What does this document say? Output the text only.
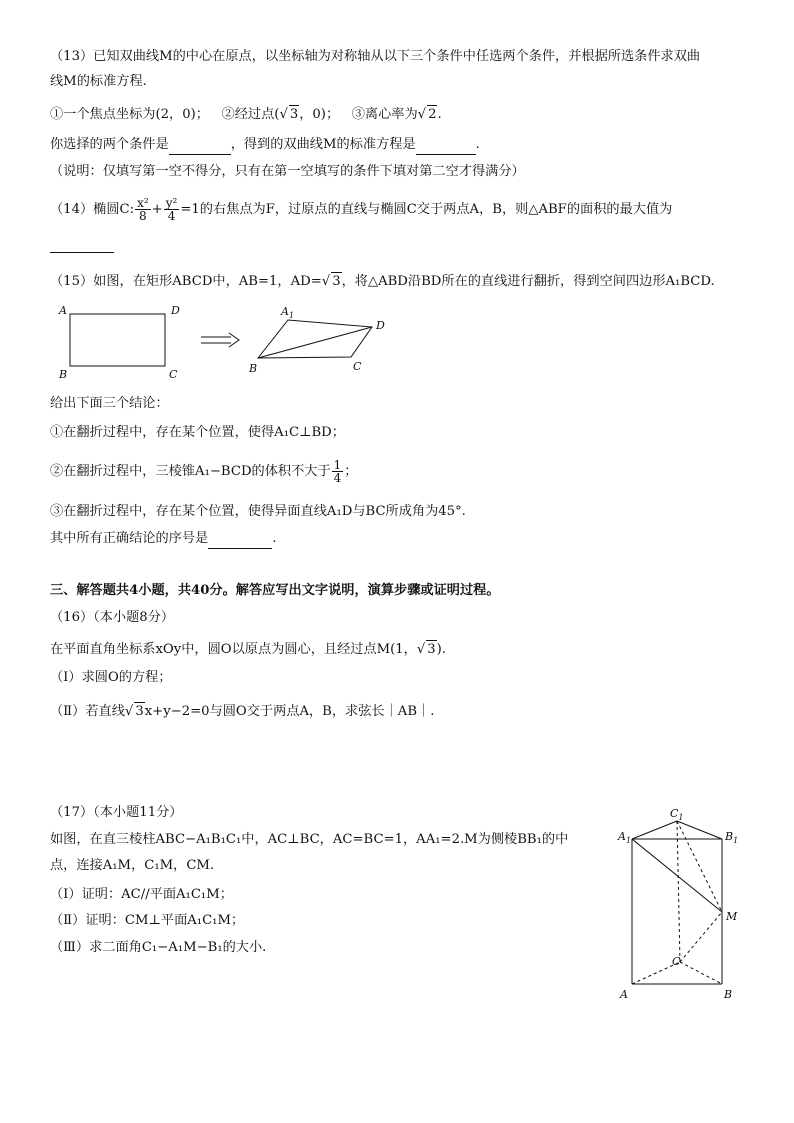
（13）已知双曲线M的中心在原点，以坐标轴为对称轴从以下三个条件中任选两个条件，并根据所选条件求双曲
线M的标准方程.
①一个焦点坐标为(2，0)； ②经过点(√ 3，0)； ③离心率为√ 2.
你选择的两个条件是	，得到的双曲线M的标准方程是	.
（说明：仅填写第一空不得分，只有在第一空填写的条件下填对第二空才得满分）
（14）椭圆C: $\frac{\text{x²}}{8} + \frac{\text{y²}}{4} =1$的右焦点为F，过原点的直线与椭圆C交于两点A，B，则△ABF的面积的最大值为
（15）如图，在矩形ABCD中，AB=1，AD=√ 3，将△ABD沿BD所在的直线进行翻折，得到空间四边形A₁BCD.
A	D
B	C
$A_1$
D
B	C
给出下面三个结论：
①在翻折过程中，存在某个位置，使得A₁C⊥BD；
②在翻折过程中，三棱锥A₁−BCD的体积不大于 $\frac{1}{4}$ ；
③在翻折过程中，存在某个位置，使得异面直线A₁D与BC所成角为45°.
其中所有正确结论的序号是	.
三、解答题共4小题，共40分。解答应写出文字说明，演算步骤或证明过程。
（16）（本小题8分）
在平面直角坐标系xOy中，圆O以原点为圆心，且经过点M(1，√ 3).
（Ⅰ）求圆O的方程；
（Ⅱ）若直线√ 3x+y−2=0与圆O交于两点A，B，求弦长｜AB｜.
（17）（本小题11分）
如图，在直三棱柱ABC−A₁B₁C₁中，AC⊥BC，AC=BC=1，AA₁=2.M为侧棱BB₁的中
点，连接A₁M，C₁M，CM.
（Ⅰ）证明：AC//平面A₁C₁M；
（Ⅱ）证明：CM⊥平面A₁C₁M；
（Ⅲ）求二面角C₁−A₁M−B₁的大小.
$C_1$
$A_1$	$B_1$
M
C
A	B
